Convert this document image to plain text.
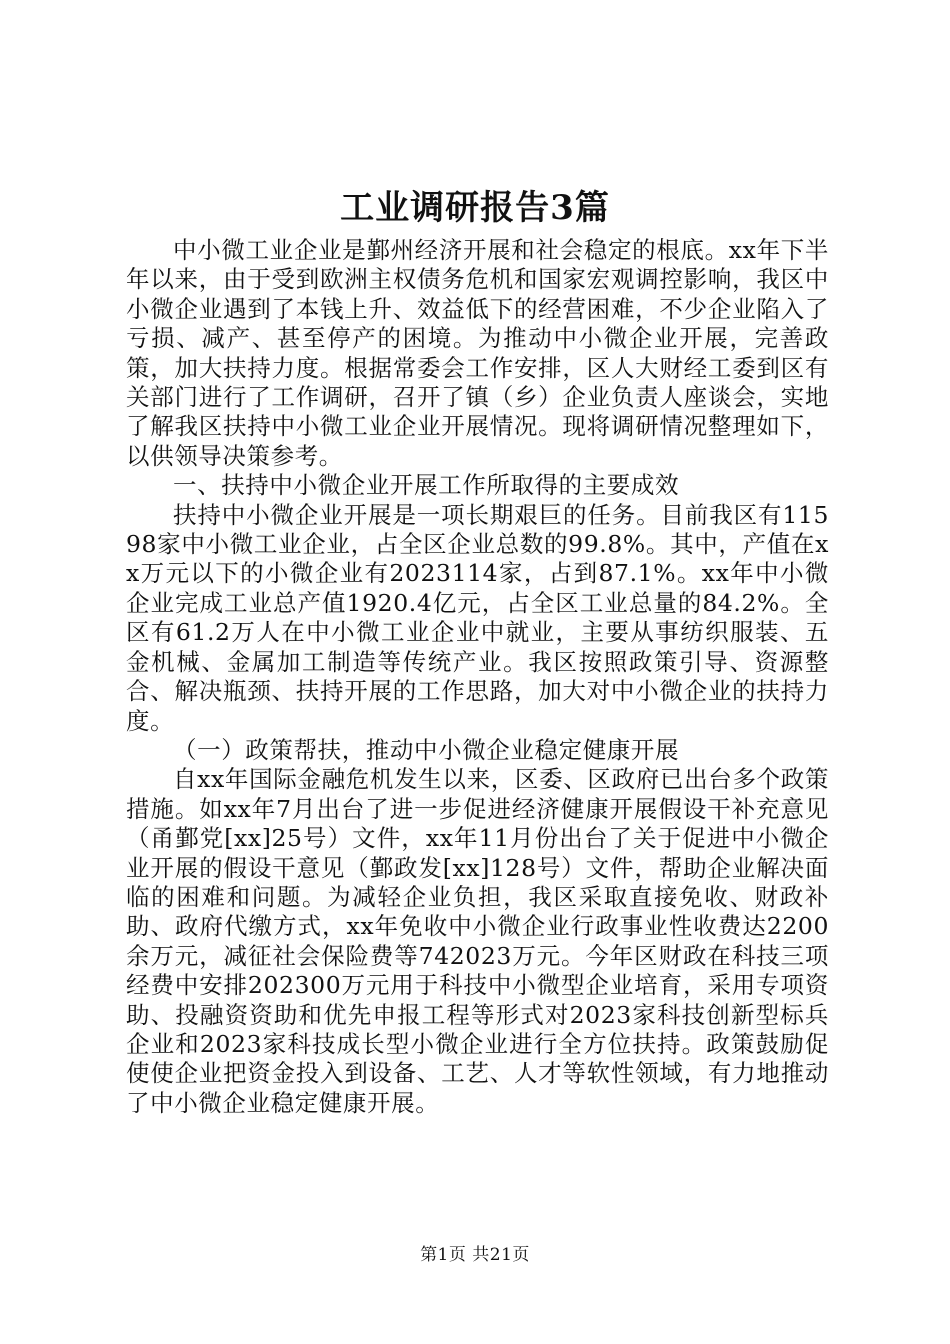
工业调研报告3篇

中小微工业企业是鄞州经济开展和社会稳定的根底。xx年下半年以来，由于受到欧洲主权债务危机和国家宏观调控影响，我区中小微企业遇到了本钱上升、效益低下的经营困难，不少企业陷入了亏损、减产、甚至停产的困境。为推动中小微企业开展，完善政策，加大扶持力度。根据常委会工作安排，区人大财经工委到区有关部门进行了工作调研，召开了镇（乡）企业负责人座谈会，实地了解我区扶持中小微工业企业开展情况。现将调研情况整理如下，以供领导决策参考。

一、扶持中小微企业开展工作所取得的主要成效

扶持中小微企业开展是一项长期艰巨的任务。目前我区有11598家中小微工业企业，占全区企业总数的99.8%。其中，产值在xx万元以下的小微企业有2023114家，占到87.1%。xx年中小微企业完成工业总产值1920.4亿元，占全区工业总量的84.2%。全区有61.2万人在中小微工业企业中就业，主要从事纺织服装、五金机械、金属加工制造等传统产业。我区按照政策引导、资源整合、解决瓶颈、扶持开展的工作思路，加大对中小微企业的扶持力度。

（一）政策帮扶，推动中小微企业稳定健康开展

自xx年国际金融危机发生以来，区委、区政府已出台多个政策措施。如xx年7月出台了进一步促进经济健康开展假设干补充意见（甬鄞党[xx]25号）文件，xx年11月份出台了关于促进中小微企业开展的假设干意见（鄞政发[xx]128号）文件，帮助企业解决面临的困难和问题。为减轻企业负担，我区采取直接免收、财政补助、政府代缴方式，xx年免收中小微企业行政事业性收费达2200余万元，减征社会保险费等742023万元。今年区财政在科技三项经费中安排202300万元用于科技中小微型企业培育，采用专项资助、投融资资助和优先申报工程等形式对2023家科技创新型标兵企业和2023家科技成长型小微企业进行全方位扶持。政策鼓励促使使企业把资金投入到设备、工艺、人才等软性领域，有力地推动了中小微企业稳定健康开展。

第1页 共21页
